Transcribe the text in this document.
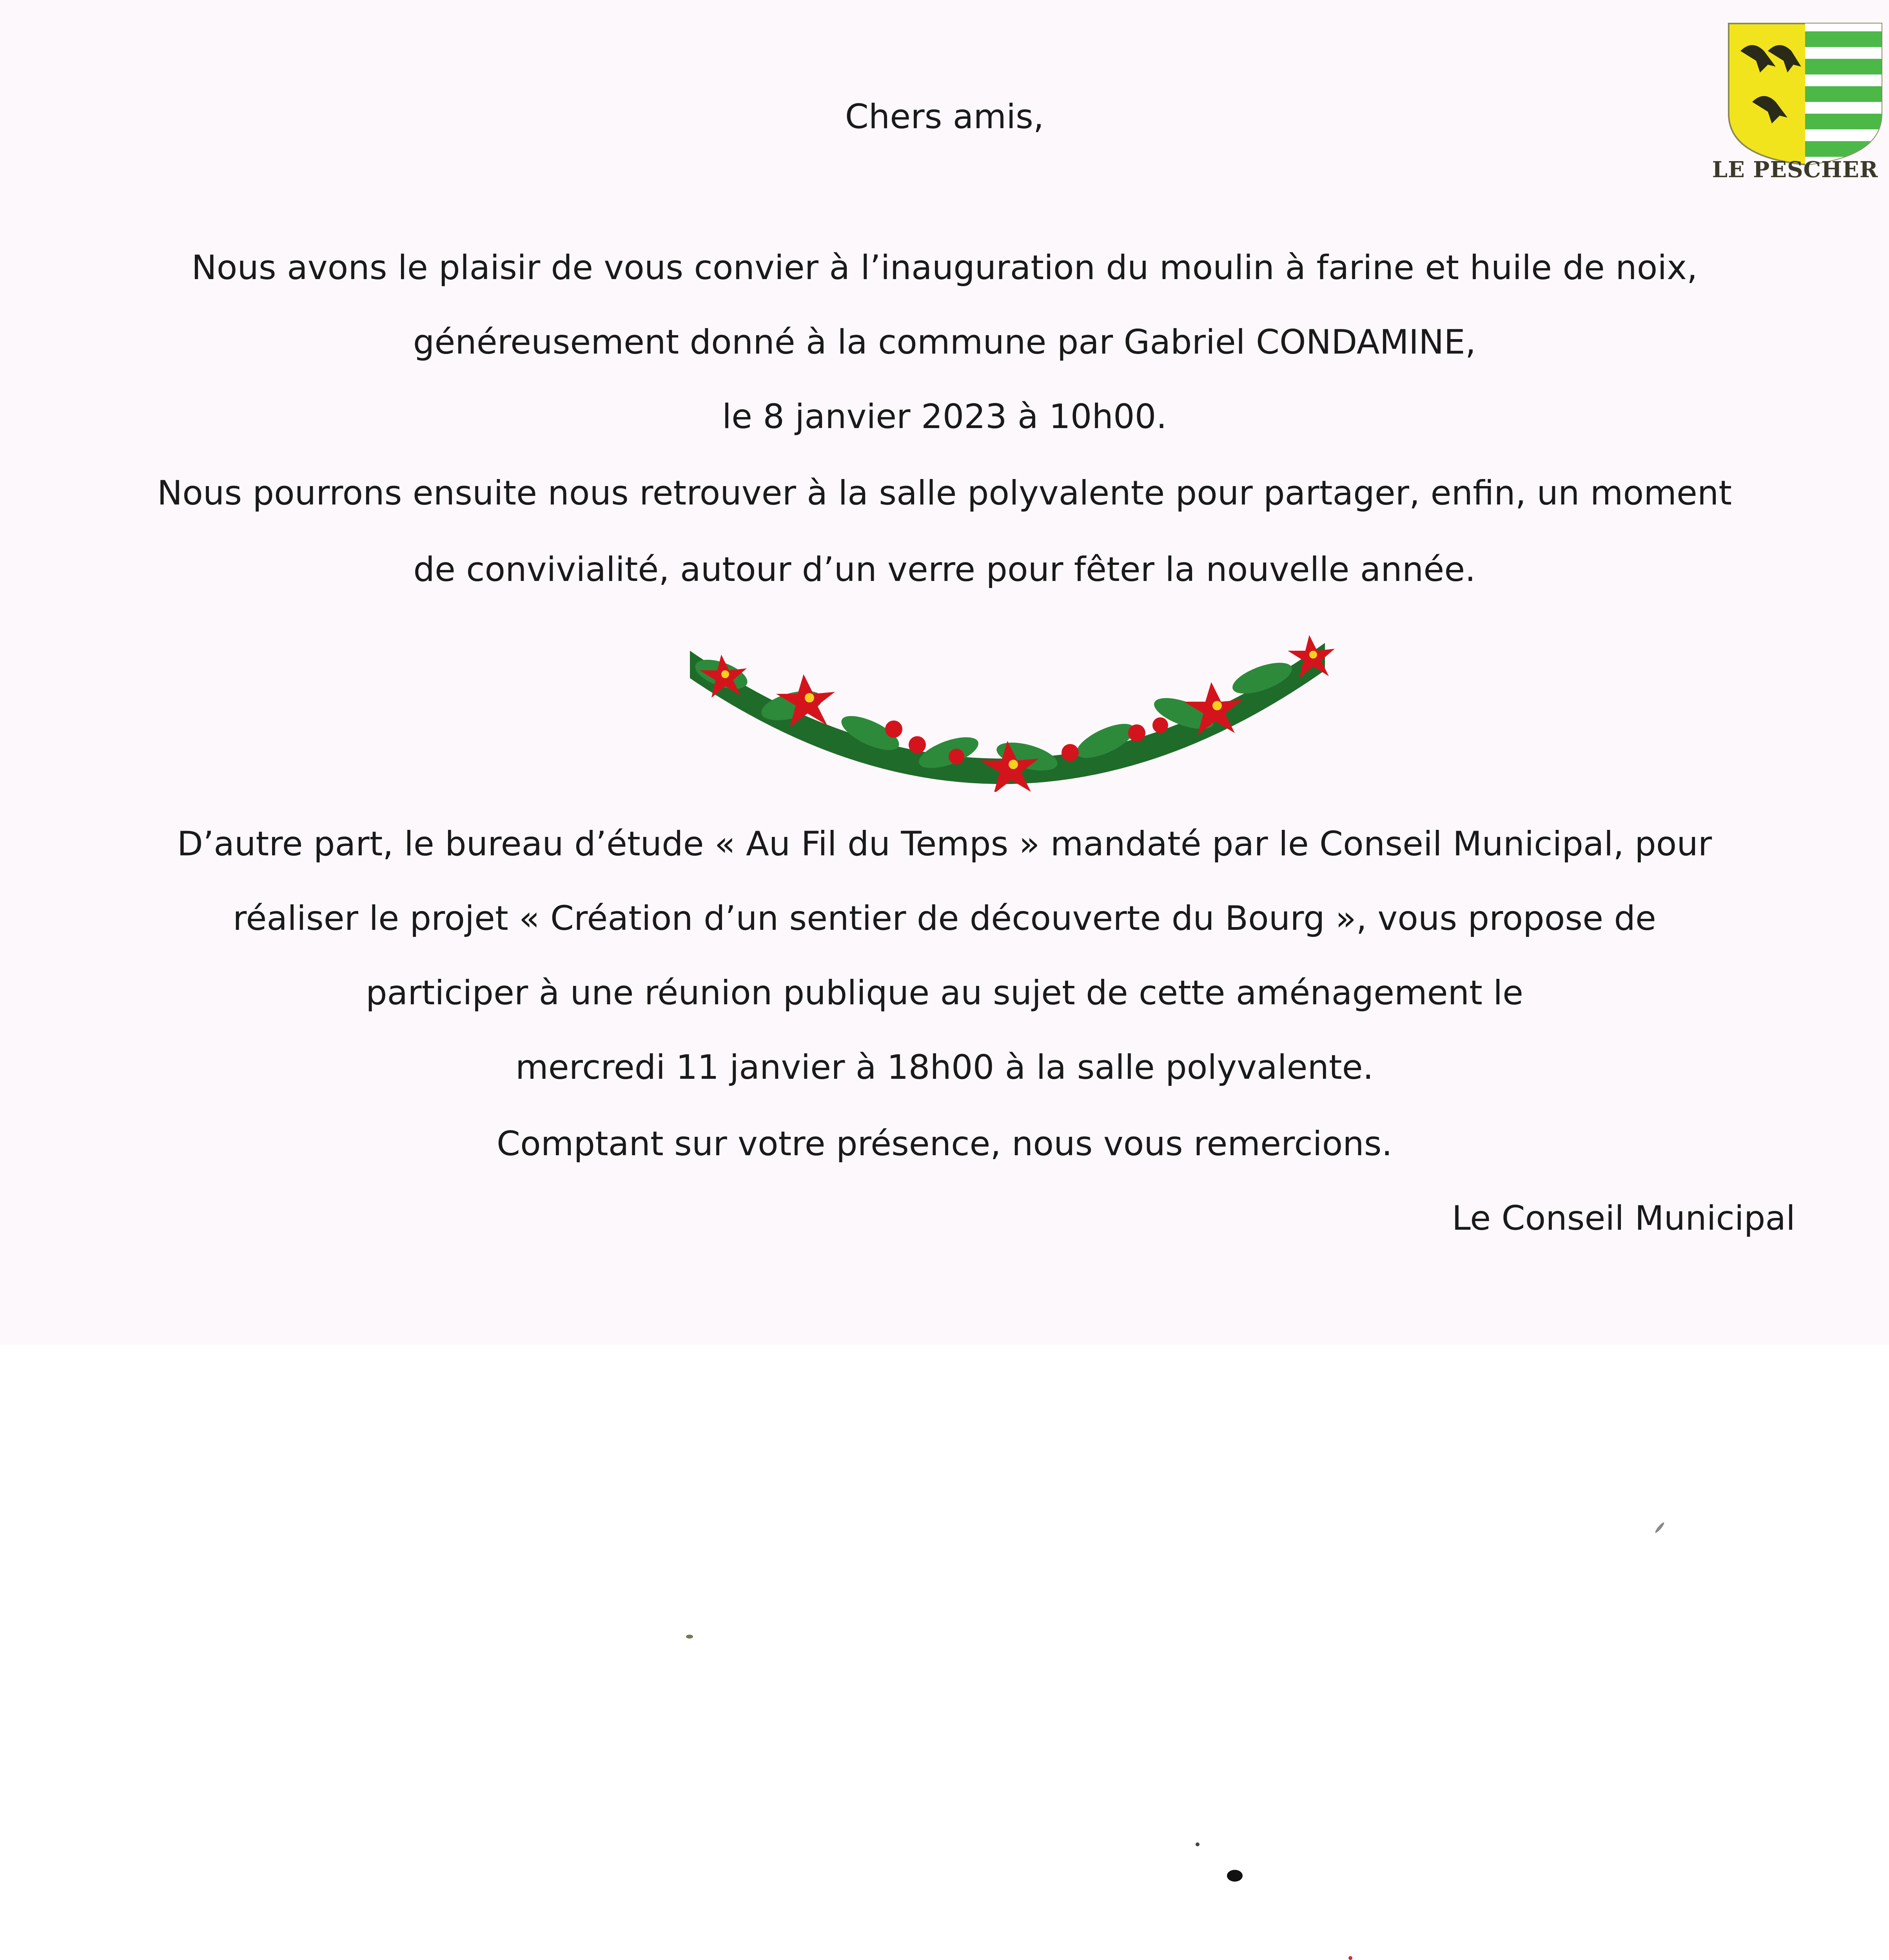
LE PESCHER
Chers amis,
Nous avons le plaisir de vous convier à l’inauguration du moulin à farine et huile de noix,
généreusement donné à la commune par Gabriel CONDAMINE,
le 8 janvier 2023 à 10h00.
Nous pourrons ensuite nous retrouver à la salle polyvalente pour partager, enfin, un moment
de convivialité, autour d’un verre pour fêter la nouvelle année.
D’autre part, le bureau d’étude « Au Fil du Temps » mandaté par le Conseil Municipal, pour
réaliser le projet « Création d’un sentier de découverte du Bourg », vous propose de
participer à une réunion publique au sujet de cette aménagement le
mercredi 11 janvier à 18h00 à la salle polyvalente.
Comptant sur votre présence, nous vous remercions.
Le Conseil Municipal
